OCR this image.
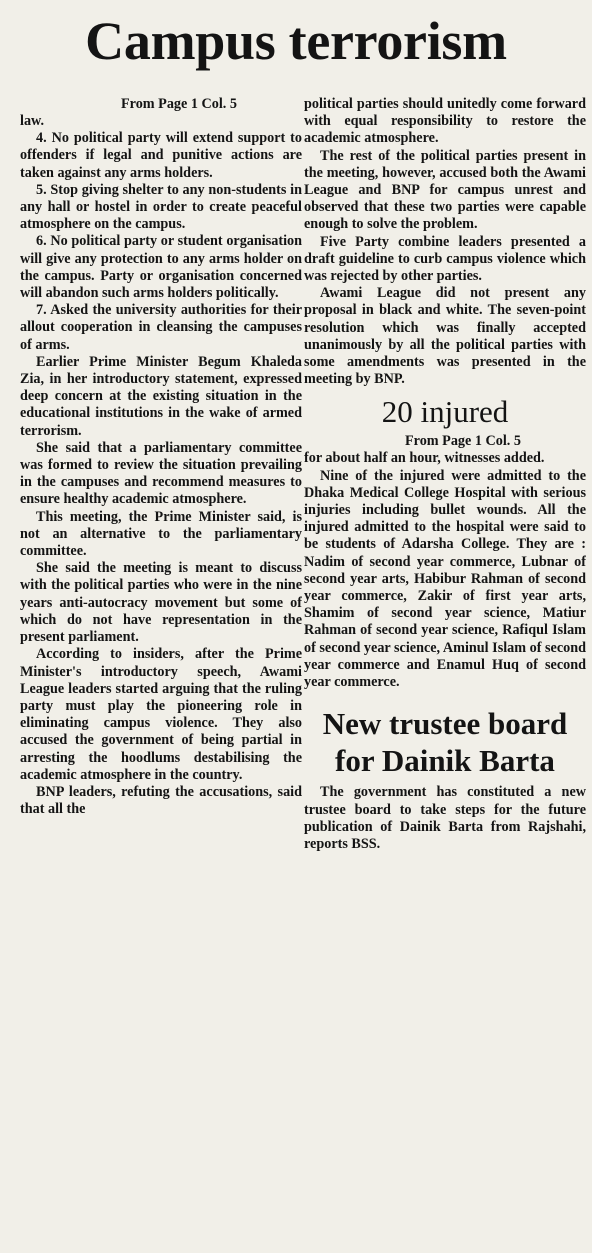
Campus terrorism

From Page 1 Col. 5

law.

4. No political party will extend support to offenders if legal and punitive actions are taken against any arms holders.

5. Stop giving shelter to any non-students in any hall or hostel in order to create peaceful atmosphere on the campus.

6. No political party or student organisation will give any protection to any arms holder on the campus. Party or organisation concerned will abandon such arms holders politically.

7. Asked the university authorities for their allout cooperation in cleansing the campuses of arms.

Earlier Prime Minister Begum Khaleda Zia, in her introductory statement, expressed deep concern at the existing situation in the educational institutions in the wake of armed terrorism.

She said that a parliamentary committee was formed to review the situation prevailing in the campuses and recommend measures to ensure healthy academic atmosphere.

This meeting, the Prime Minister said, is not an alternative to the parliamentary committee.

She said the meeting is meant to discuss with the political parties who were in the nine years anti-autocracy movement but some of which do not have representation in the present parliament.

According to insiders, after the Prime Minister's introductory speech, Awami League leaders started arguing that the ruling party must play the pioneering role in eliminating campus violence. They also accused the government of being partial in arresting the hoodlums destabilising the academic atmosphere in the country.

BNP leaders, refuting the accusations, said that all the

political parties should unitedly come forward with equal responsibility to restore the academic atmosphere.

The rest of the political parties present in the meeting, however, accused both the Awami League and BNP for campus unrest and observed that these two parties were capable enough to solve the problem.

Five Party combine leaders presented a draft guideline to curb campus violence which was rejected by other parties.

Awami League did not present any proposal in black and white. The seven-point resolution which was finally accepted unanimously by all the political parties with some amendments was presented in the meeting by BNP.

20 injured

From Page 1 Col. 5

for about half an hour, witnesses added.

Nine of the injured were admitted to the Dhaka Medical College Hospital with serious injuries including bullet wounds. All the injured admitted to the hospital were said to be students of Adarsha College. They are : Nadim of second year commerce, Lubnar of second year arts, Habibur Rahman of second year commerce, Zakir of first year arts, Shamim of second year science, Matiur Rahman of second year science, Rafiqul Islam of second year science, Aminul Islam of second year commerce and Enamul Huq of second year commerce.

New trustee board for Dainik Barta

The government has constituted a new trustee board to take steps for the future publication of Dainik Barta from Rajshahi, reports BSS.
